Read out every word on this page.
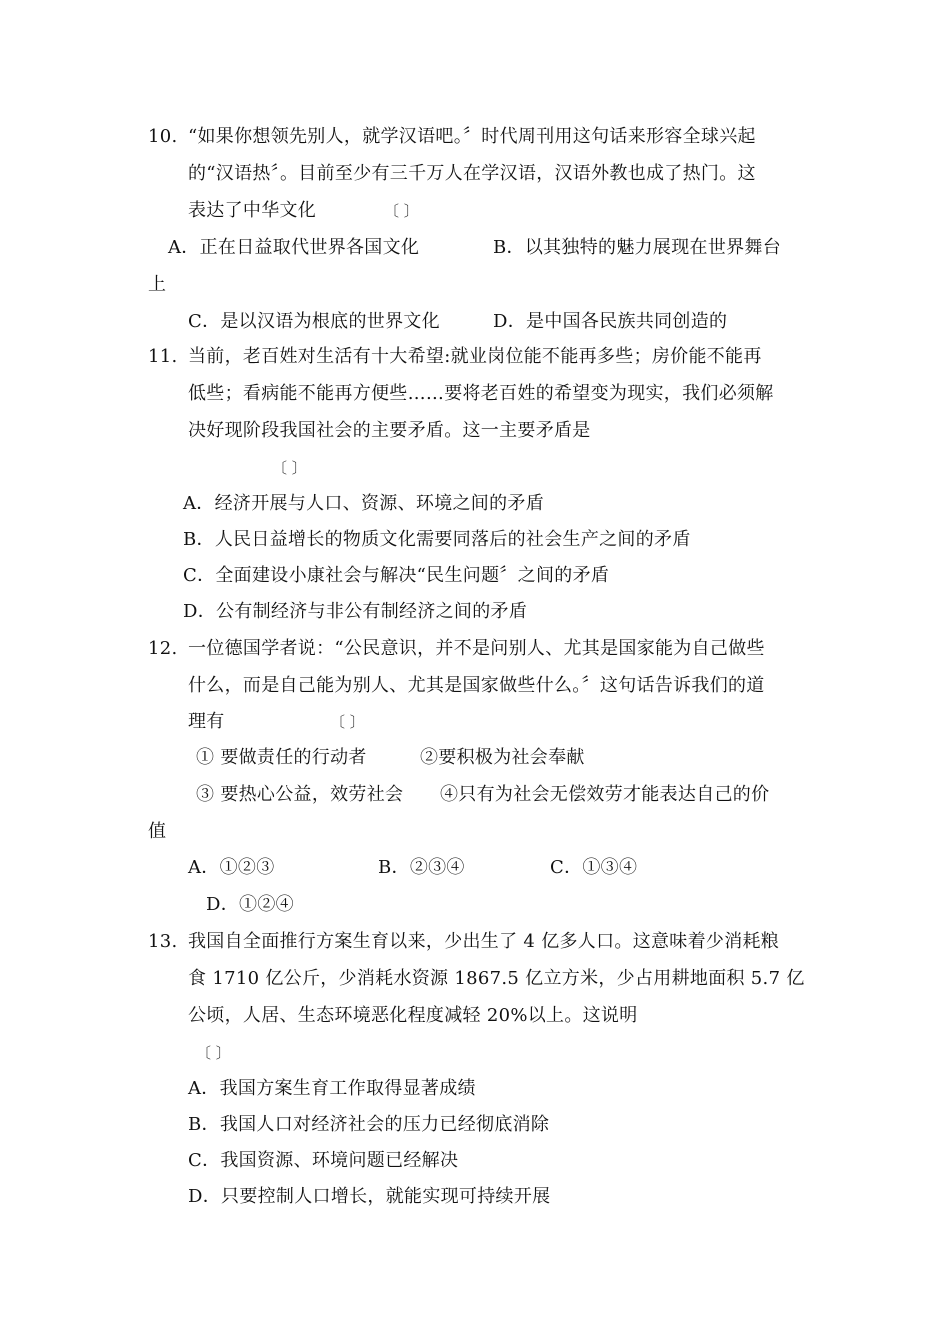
10. “如果你想领先别人，就学汉语吧。〞时代周刊用这句话来形容全球兴起
的“汉语热〞。目前至少有三千万人在学汉语，汉语外教也成了热门。这
表达了中华文化	〔 〕
A．正在日益取代世界各国文化	B．以其独特的魅力展现在世界舞台
上
C．是以汉语为根底的世界文化	D．是中国各民族共同创造的
11. 当前，老百姓对生活有十大希望:就业岗位能不能再多些；房价能不能再
低些；看病能不能再方便些……要将老百姓的希望变为现实，我们必须解
决好现阶段我国社会的主要矛盾。这一主要矛盾是
〔 〕
A．经济开展与人口、资源、环境之间的矛盾
B．人民日益增长的物质文化需要同落后的社会生产之间的矛盾
C．全面建设小康社会与解决“民生问题〞之间的矛盾
D．公有制经济与非公有制经济之间的矛盾
12. 一位德国学者说：“公民意识，并不是问别人、尤其是国家能为自己做些
什么，而是自己能为别人、尤其是国家做些什么。〞这句话告诉我们的道
理有	〔 〕
① 要做责任的行动者	②要积极为社会奉献
③ 要热心公益，效劳社会 ④只有为社会无偿效劳才能表达自己的价
值
A．①②③	B．②③④	C．①③④
D．①②④
13. 我国自全面推行方案生育以来，少出生了 4 亿多人口。这意味着少消耗粮
食 1710 亿公斤，少消耗水资源 1867.5 亿立方米，少占用耕地面积 5.7 亿
公顷，人居、生态环境恶化程度减轻 20%以上。这说明
〔 〕
A．我国方案生育工作取得显著成绩
B．我国人口对经济社会的压力已经彻底消除
C．我国资源、环境问题已经解决
D．只要控制人口增长，就能实现可持续开展
